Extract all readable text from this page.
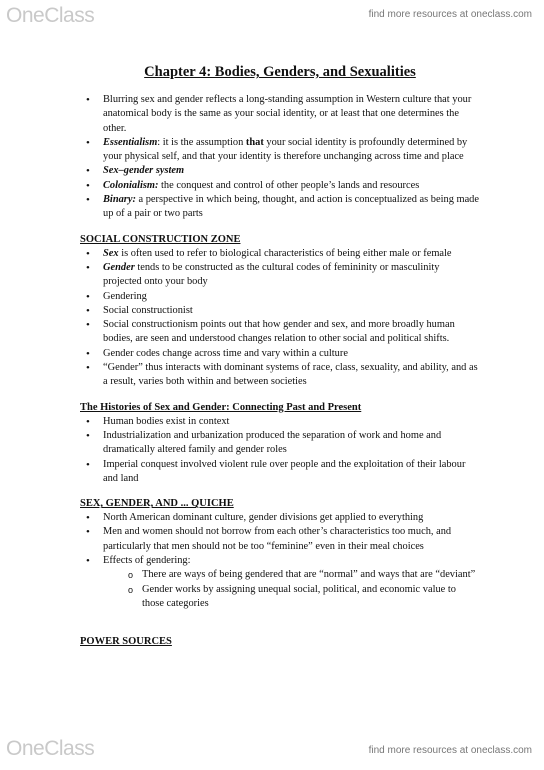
OneClass	find more resources at oneclass.com
Chapter 4: Bodies, Genders, and Sexualities
• Blurring sex and gender reflects a long-standing assumption in Western culture that your anatomical body is the same as your social identity, or at least that one determines the other.
• Essentialism: it is the assumption that your social identity is profoundly determined by your physical self, and that your identity is therefore unchanging across time and place
• Sex–gender system
• Colonialism: the conquest and control of other people’s lands and resources
• Binary: a perspective in which being, thought, and action is conceptualized as being made up of a pair or two parts
SOCIAL CONSTRUCTION ZONE
• Sex is often used to refer to biological characteristics of being either male or female
• Gender tends to be constructed as the cultural codes of femininity or masculinity projected onto your body
• Gendering
• Social constructionist
• Social constructionism points out that how gender and sex, and more broadly human bodies, are seen and understood changes relation to other social and political shifts.
• Gender codes change across time and vary within a culture
• “Gender” thus interacts with dominant systems of race, class, sexuality, and ability, and as a result, varies both within and between societies
The Histories of Sex and Gender: Connecting Past and Present
• Human bodies exist in context
• Industrialization and urbanization produced the separation of work and home and dramatically altered family and gender roles
• Imperial conquest involved violent rule over people and the exploitation of their labour and land
SEX, GENDER, AND ... QUICHE
• North American dominant culture, gender divisions get applied to everything
• Men and women should not borrow from each other’s characteristics too much, and particularly that men should not be too “feminine” even in their meal choices
• Effects of gendering:
o There are ways of being gendered that are “normal” and ways that are “deviant”
o Gender works by assigning unequal social, political, and economic value to those categories
POWER SOURCES
OneClass	find more resources at oneclass.com
